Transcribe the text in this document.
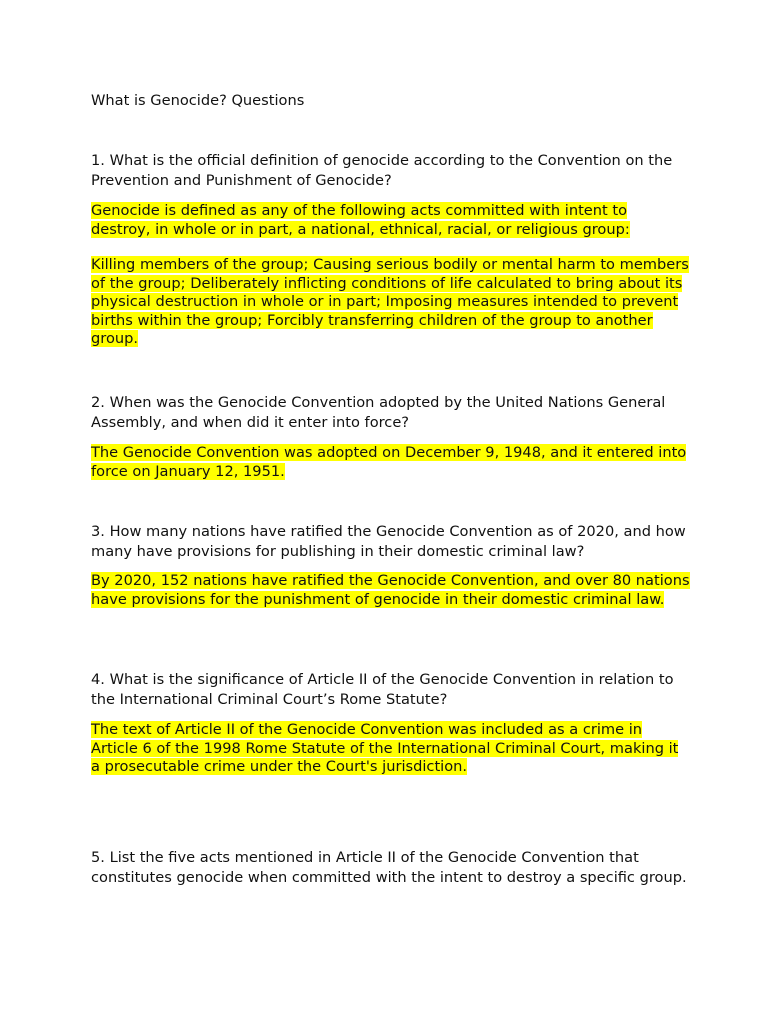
What is Genocide? Questions

1. What is the official definition of genocide according to the Convention on the Prevention and Punishment of Genocide?

Genocide is defined as any of the following acts committed with intent to destroy, in whole or in part, a national, ethnical, racial, or religious group:

Killing members of the group; Causing serious bodily or mental harm to members of the group; Deliberately inflicting conditions of life calculated to bring about its physical destruction in whole or in part; Imposing measures intended to prevent births within the group; Forcibly transferring children of the group to another group.

2. When was the Genocide Convention adopted by the United Nations General Assembly, and when did it enter into force?

The Genocide Convention was adopted on December 9, 1948, and it entered into force on January 12, 1951.

3. How many nations have ratified the Genocide Convention as of 2020, and how many have provisions for publishing in their domestic criminal law?

By 2020, 152 nations have ratified the Genocide Convention, and over 80 nations have provisions for the punishment of genocide in their domestic criminal law.

4. What is the significance of Article II of the Genocide Convention in relation to the International Criminal Court’s Rome Statute?

The text of Article II of the Genocide Convention was included as a crime in Article 6 of the 1998 Rome Statute of the International Criminal Court, making it a prosecutable crime under the Court's jurisdiction.

5. List the five acts mentioned in Article II of the Genocide Convention that constitutes genocide when committed with the intent to destroy a specific group.
